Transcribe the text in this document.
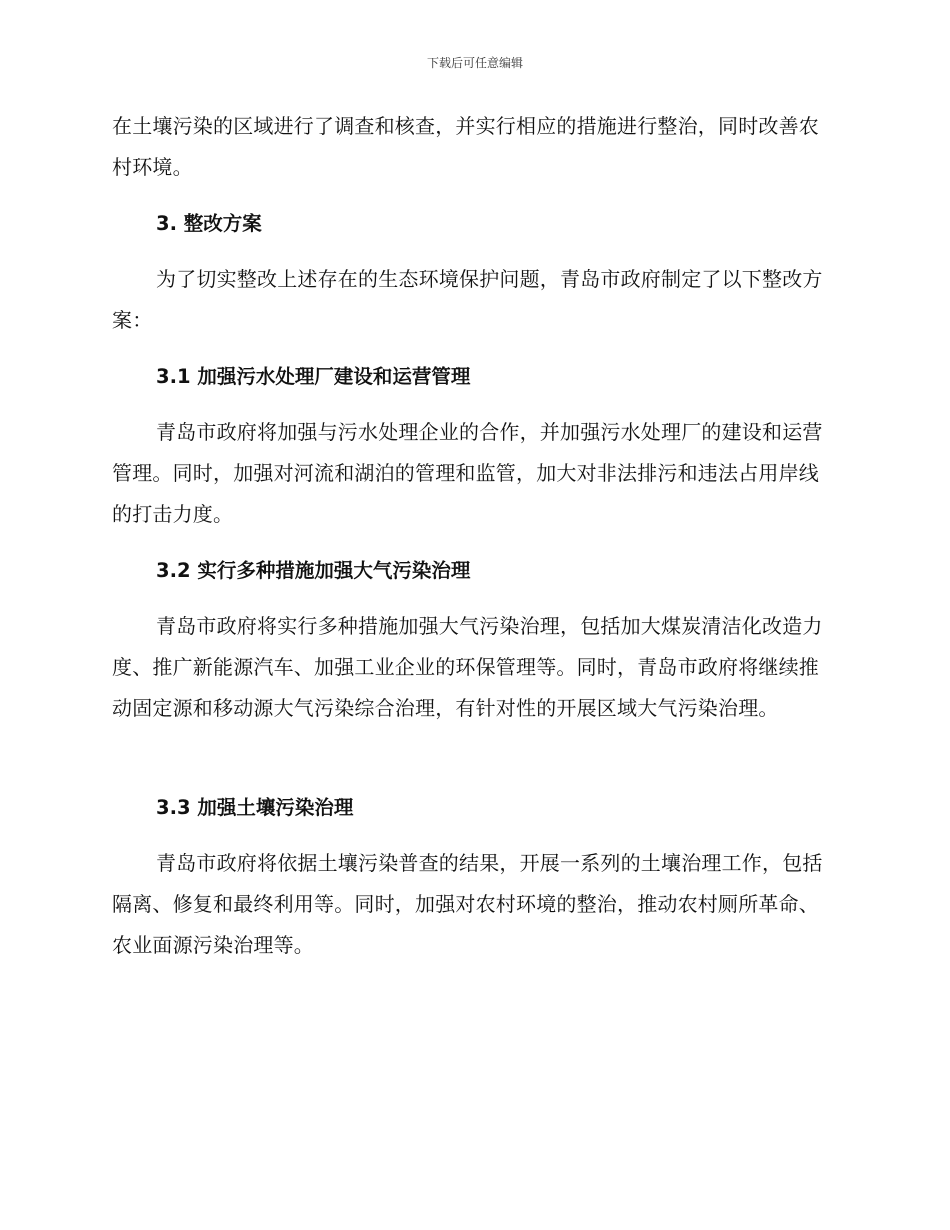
下载后可任意编辑

在土壤污染的区域进行了调查和核查，并实行相应的措施进行整治，同时改善农村环境。

3. 整改方案

为了切实整改上述存在的生态环境保护问题，青岛市政府制定了以下整改方案：

3.1 加强污水处理厂建设和运营管理

青岛市政府将加强与污水处理企业的合作，并加强污水处理厂的建设和运营管理。同时，加强对河流和湖泊的管理和监管，加大对非法排污和违法占用岸线的打击力度。

3.2 实行多种措施加强大气污染治理

青岛市政府将实行多种措施加强大气污染治理，包括加大煤炭清洁化改造力度、推广新能源汽车、加强工业企业的环保管理等。同时，青岛市政府将继续推动固定源和移动源大气污染综合治理，有针对性的开展区域大气污染治理。

3.3 加强土壤污染治理

青岛市政府将依据土壤污染普查的结果，开展一系列的土壤治理工作，包括隔离、修复和最终利用等。同时，加强对农村环境的整治，推动农村厕所革命、农业面源污染治理等。
